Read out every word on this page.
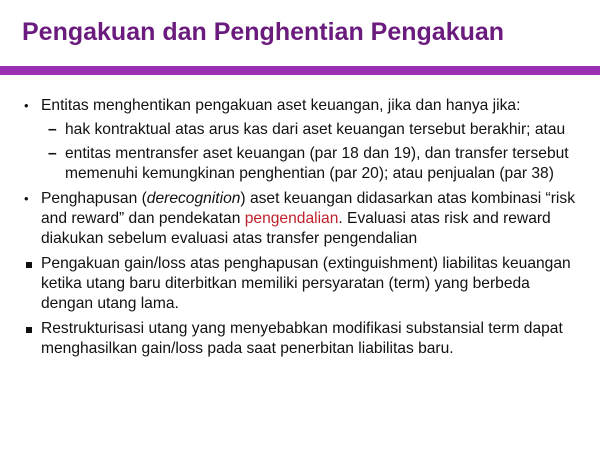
Pengakuan dan Penghentian Pengakuan
• Entitas menghentikan pengakuan aset keuangan, jika dan hanya jika:
– hak kontraktual atas arus kas dari aset keuangan tersebut berakhir; atau
– entitas mentransfer aset keuangan (par 18 dan 19), dan transfer tersebut memenuhi kemungkinan penghentian (par 20); atau penjualan (par 38)
• Penghapusan (derecognition) aset keuangan didasarkan atas kombinasi “risk and reward” dan pendekatan pengendalian. Evaluasi atas risk and reward diakukan sebelum evaluasi atas transfer pengendalian
Pengakuan gain/loss atas penghapusan (extinguishment) liabilitas keuangan ketika utang baru diterbitkan memiliki persyaratan (term) yang berbeda dengan utang lama.
Restrukturisasi utang yang menyebabkan modifikasi substansial term dapat menghasilkan gain/loss pada saat penerbitan liabilitas baru.
